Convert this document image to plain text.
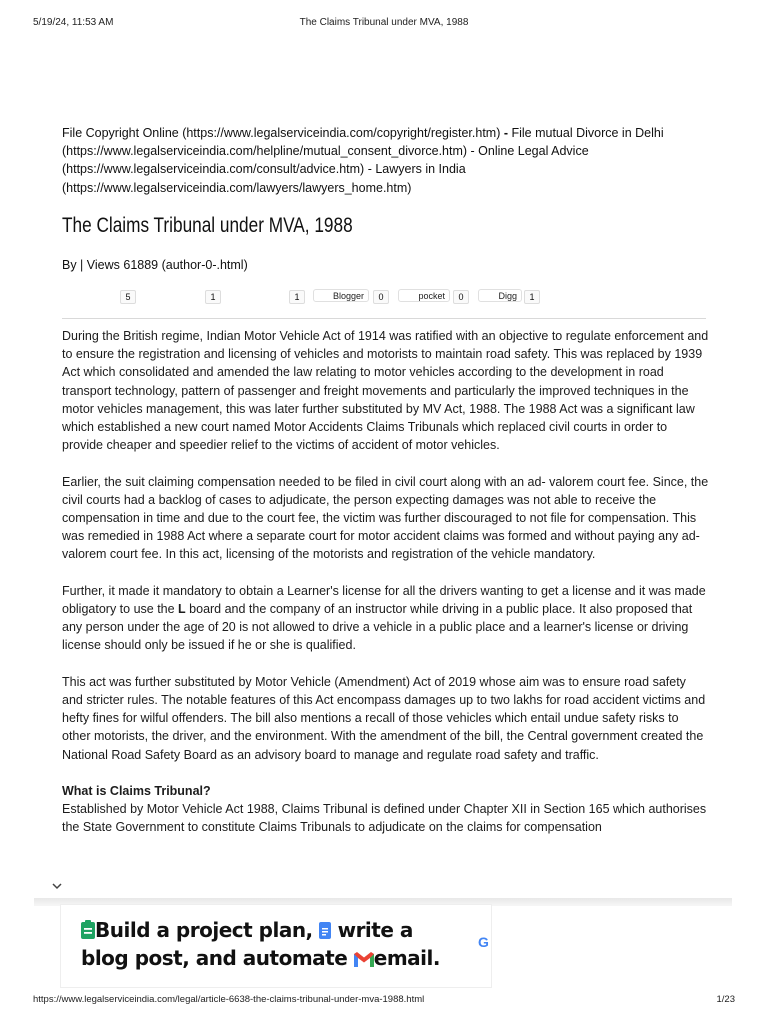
5/19/24, 11:53 AM	The Claims Tribunal under MVA, 1988
File Copyright Online (https://www.legalserviceindia.com/copyright/register.htm) - File mutual Divorce in Delhi (https://www.legalserviceindia.com/helpline/mutual_consent_divorce.htm) - Online Legal Advice (https://www.legalserviceindia.com/consult/advice.htm) - Lawyers in India (https://www.legalserviceindia.com/lawyers/lawyers_home.htm)
The Claims Tribunal under MVA, 1988
By | Views 61889 (author-0-.html)
5	1	1	Blogger	0	pocket	0	Digg	1

During the British regime, Indian Motor Vehicle Act of 1914 was ratified with an objective to regulate enforcement and to ensure the registration and licensing of vehicles and motorists to maintain road safety. This was replaced by 1939 Act which consolidated and amended the law relating to motor vehicles according to the development in road transport technology, pattern of passenger and freight movements and particularly the improved techniques in the motor vehicles management, this was later further substituted by MV Act, 1988. The 1988 Act was a significant law which established a new court named Motor Accidents Claims Tribunals which replaced civil courts in order to provide cheaper and speedier relief to the victims of accident of motor vehicles.

Earlier, the suit claiming compensation needed to be filed in civil court along with an ad- valorem court fee. Since, the civil courts had a backlog of cases to adjudicate, the person expecting damages was not able to receive the compensation in time and due to the court fee, the victim was further discouraged to not file for compensation. This was remedied in 1988 Act where a separate court for motor accident claims was formed and without paying any ad- valorem court fee. In this act, licensing of the motorists and registration of the vehicle mandatory.

Further, it made it mandatory to obtain a Learner's license for all the drivers wanting to get a license and it was made obligatory to use the L board and the company of an instructor while driving in a public place. It also proposed that any person under the age of 20 is not allowed to drive a vehicle in a public place and a learner's license or driving license should only be issued if he or she is qualified.

This act was further substituted by Motor Vehicle (Amendment) Act of 2019 whose aim was to ensure road safety and stricter rules. The notable features of this Act encompass damages up to two lakhs for road accident victims and hefty fines for wilful offenders. The bill also mentions a recall of those vehicles which entail undue safety risks to other motorists, the driver, and the environment. With the amendment of the bill, the Central government created the National Road Safety Board as an advisory board to manage and regulate road safety and traffic.

What is Claims Tribunal?

Established by Motor Vehicle Act 1988, Claims Tribunal is defined under Chapter XII in Section 165 which authorises the State Government to constitute Claims Tribunals to adjudicate on the claims for compensation

Build a project plan,  write a
blog post, and automate email.
G
https://www.legalserviceindia.com/legal/article-6638-the-claims-tribunal-under-mva-1988.html	1/23
